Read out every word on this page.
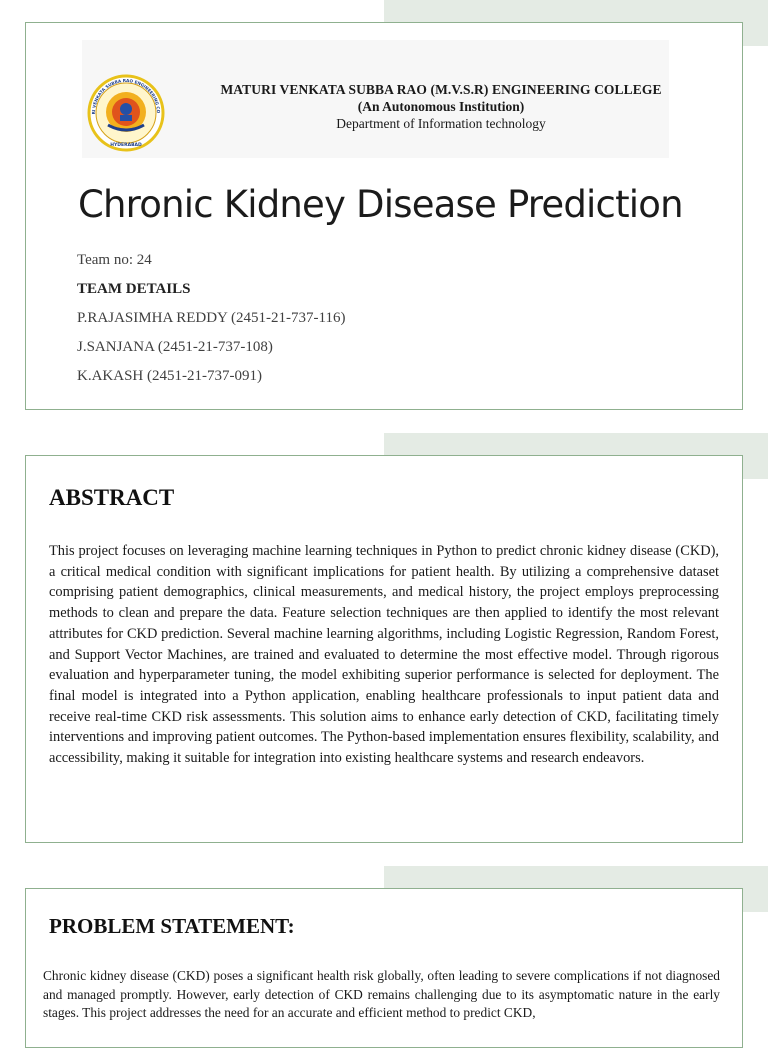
RI VENKATA SUBBA RAO ENGINEERING CO
HYDERABAD
MATURI VENKATA SUBBA RAO (M.V.S.R) ENGINEERING COLLEGE
(An Autonomous Institution)
Department of Information technology
Chronic Kidney Disease Prediction
Team no: 24
TEAM DETAILS
P.RAJASIMHA REDDY (2451-21-737-116)
J.SANJANA (2451-21-737-108)
K.AKASH (2451-21-737-091)
ABSTRACT
This project focuses on leveraging machine learning techniques in Python to predict chronic kidney disease (CKD), a critical medical condition with significant implications for patient health. By utilizing a comprehensive dataset comprising patient demographics, clinical measurements, and medical history, the project employs preprocessing methods to clean and prepare the data. Feature selection techniques are then applied to identify the most relevant attributes for CKD prediction. Several machine learning algorithms, including Logistic Regression, Random Forest, and Support Vector Machines, are trained and evaluated to determine the most effective model. Through rigorous evaluation and hyperparameter tuning, the model exhibiting superior performance is selected for deployment. The final model is integrated into a Python application, enabling healthcare professionals to input patient data and receive real-time CKD risk assessments. This solution aims to enhance early detection of CKD, facilitating timely interventions and improving patient outcomes. The Python-based implementation ensures flexibility, scalability, and accessibility, making it suitable for integration into existing healthcare systems and research endeavors.
PROBLEM STATEMENT:
Chronic kidney disease (CKD) poses a significant health risk globally, often leading to severe complications if not diagnosed and managed promptly. However, early detection of CKD remains challenging due to its asymptomatic nature in the early stages. This project addresses the need for an accurate and efficient method to predict CKD,
